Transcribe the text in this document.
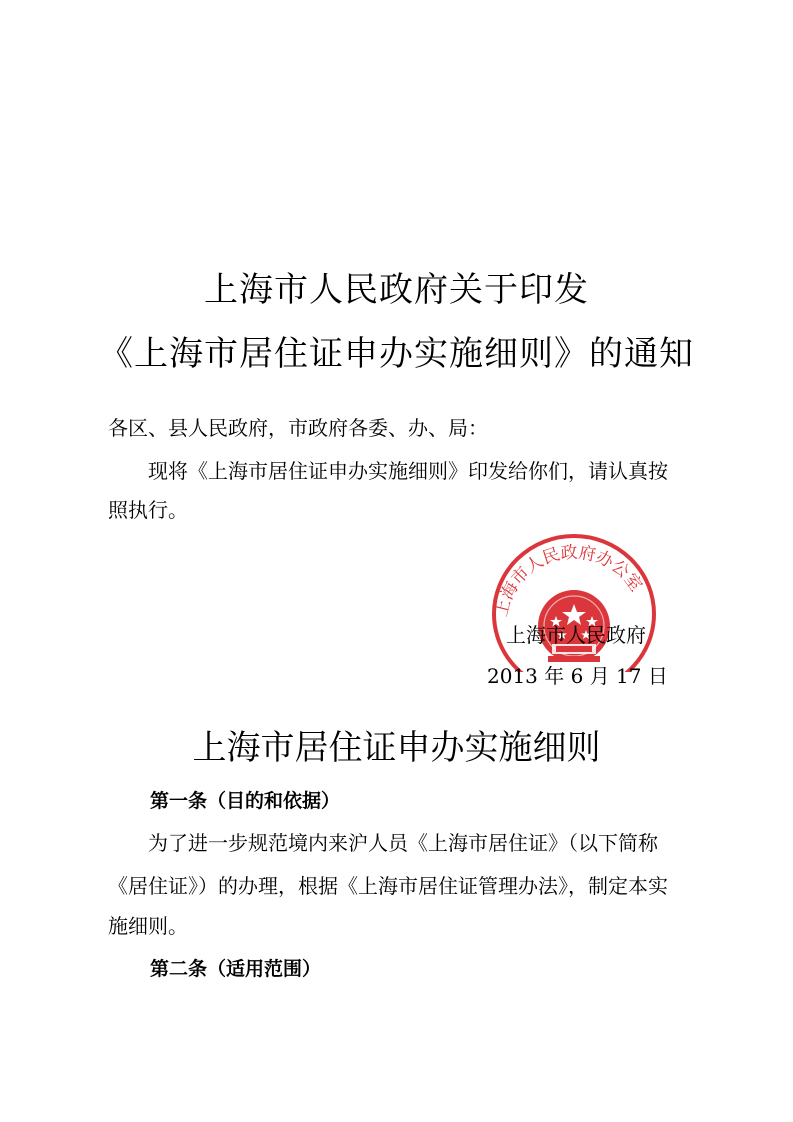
上海市人民政府关于印发
《上海市居住证申办实施细则》的通知
各区、县人民政府，市政府各委、办、局：
现将《上海市居住证申办实施细则》印发给你们，请认真按
照执行。
上海市人民政府办公室
上海市人民政府
2013 年 6 月 17 日
上海市居住证申办实施细则
第一条（目的和依据）
为了进一步规范境内来沪人员《上海市居住证》（以下简称
《居住证》）的办理，根据《上海市居住证管理办法》，制定本实
施细则。
第二条（适用范围）
